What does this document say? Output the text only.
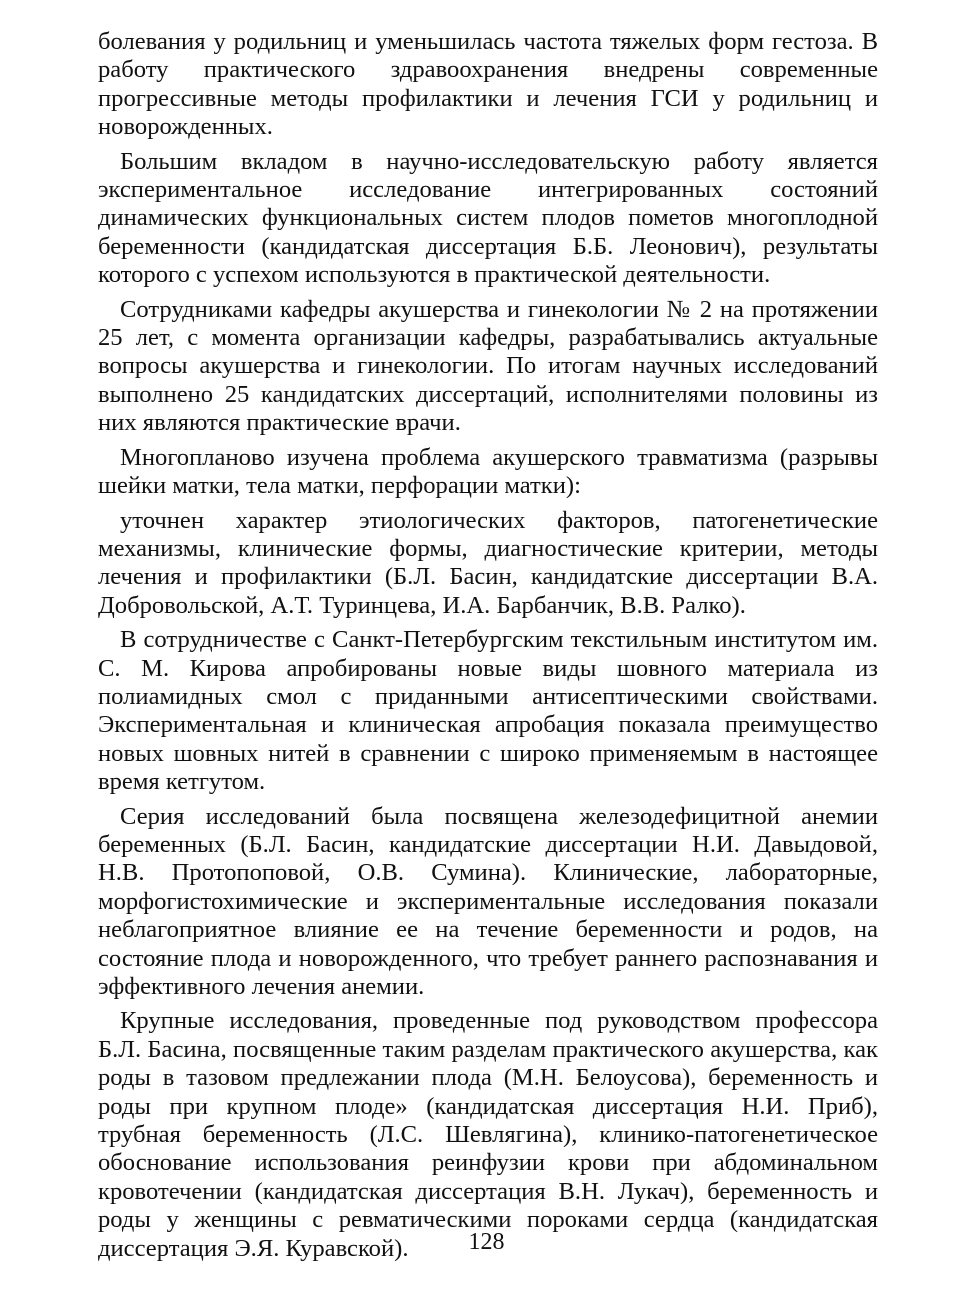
болевания у родильниц и уменьшилась частота тяжелых форм гестоза. В работу практического здравоохранения внедрены современные прогрессивные методы профилактики и лечения ГСИ у родильниц и новорожденных.

Большим вкладом в научно-исследовательскую работу является экспериментальное исследование интегрированных состояний динамических функциональных систем плодов пометов многоплодной беременности (кандидатская диссертация Б.Б. Леонович), результаты которого с успехом используются в практической деятельности.

Сотрудниками кафедры акушерства и гинекологии № 2 на протяжении 25 лет, с момента организации кафедры, разрабатывались актуальные вопросы акушерства и гинекологии. По итогам научных исследований выполнено 25 кандидатских диссертаций, исполнителями половины из них являются практические врачи.

Многопланово изучена проблема акушерского травматизма (разрывы шейки матки, тела матки, перфорации матки):

уточнен характер этиологических факторов, патогенетические механизмы, клинические формы, диагностические критерии, методы лечения и профилактики (Б.Л. Басин, кандидатские диссертации В.А. Добровольской, А.Т. Туринцева, И.А. Барбанчик, В.В. Ралко).

В сотрудничестве с Санкт-Петербургским текстильным институтом им. С. М. Кирова апробированы новые виды шовного материала из полиамидных смол с приданными антисептическими свойствами. Экспериментальная и клиническая апробация показала преимущество новых шовных нитей в сравнении с широко применяемым в настоящее время кетгутом.

Серия исследований была посвящена железодефицитной анемии беременных (Б.Л. Басин, кандидатские диссертации Н.И. Давыдовой, Н.В. Протопоповой, О.В. Сумина). Клинические, лабораторные, морфогистохимические и экспериментальные исследования показали неблагоприятное влияние ее на течение беременности и родов, на состояние плода и новорожденного, что требует раннего распознавания и эффективного лечения анемии.

Крупные исследования, проведенные под руководством профессора Б.Л. Басина, посвященные таким разделам практического акушерства, как роды в тазовом предлежании плода (М.Н. Белоусова), беременность и роды при крупном плоде» (кандидатская диссертация Н.И. Приб), трубная беременность (Л.С. Шевлягина), клинико-патогенетическое обоснование использования реинфузии крови при абдоминальном кровотечении (кандидатская диссертация В.Н. Лукач), беременность и роды у женщины с ревматическими пороками сердца (кандидатская диссертация Э.Я. Куравской).	128
